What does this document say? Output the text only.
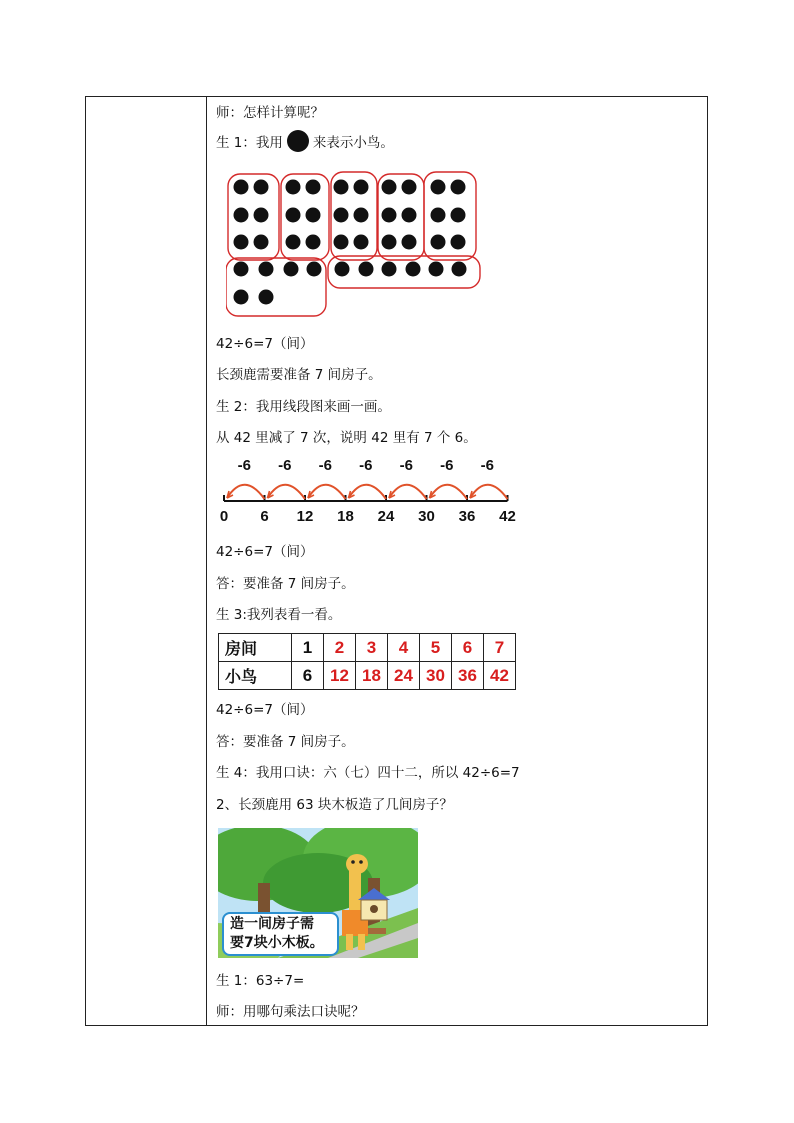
师：怎样计算呢？
生 1：我用 来表示小鸟。
42÷6=7（间）
长颈鹿需要准备 7 间房子。
生 2：我用线段图来画一画。
从 42 里减了 7 次，说明 42 里有 7 个 6。
0 6 12 18 24 30 36 42
-6 -6 -6 -6 -6 -6 -6
42÷6=7（间）
答：要准备 7 间房子。
生 3:我列表看一看。
房间	1	2	3	4	5	6	7
小鸟	6	12	18	24	30	36	42
42÷6=7（间）
答：要准备 7 间房子。
生 4：我用口诀：六（七）四十二，所以 42÷6=7
2、长颈鹿用 63 块木板造了几间房子？
造一间房子需
要7块小木板。
生 1：63÷7=
师：用哪句乘法口诀呢？
